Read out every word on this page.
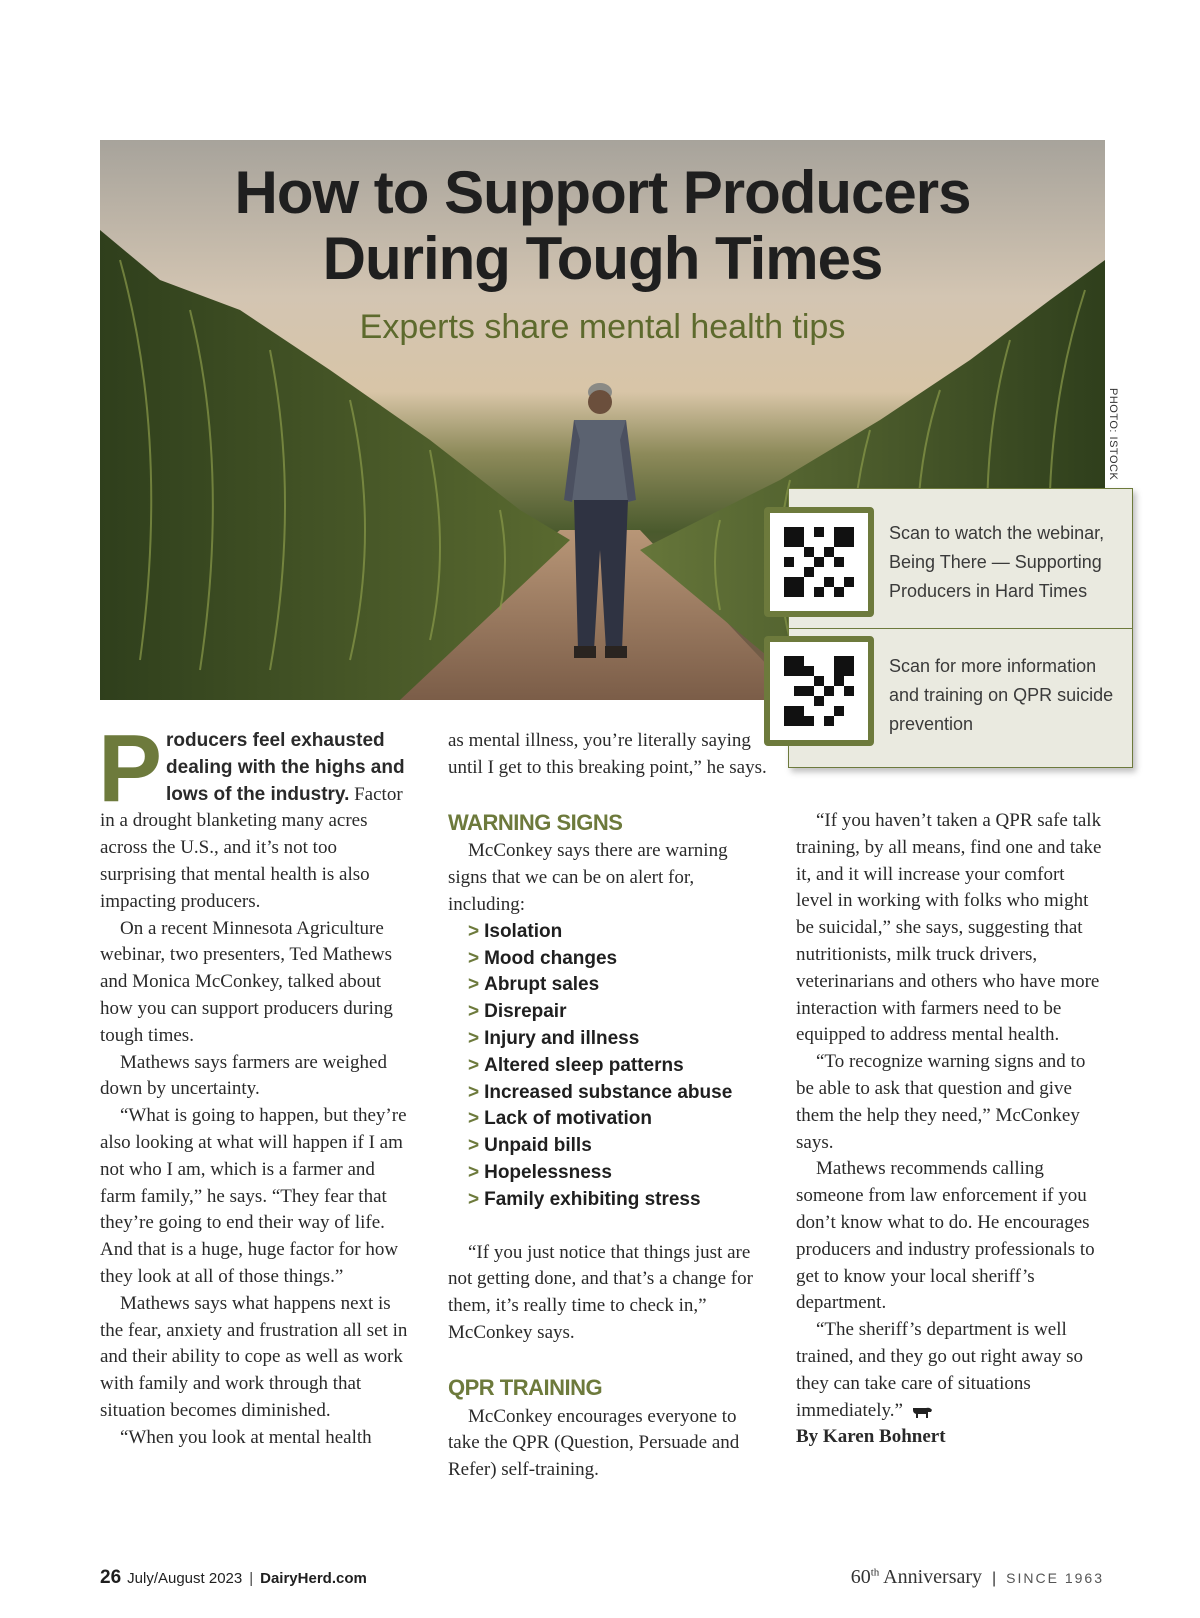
How to Support Producers
During Tough Times
Experts share mental health tips
PHOTO: ISTOCK
Scan to watch the webinar, Being There — Supporting Producers in Hard Times
Scan for more information and training on QPR suicide prevention

Producers feel exhausted dealing with the highs and lows of the industry. Factor in a drought blanketing many acres across the U.S., and it’s not too surprising that mental health is also impacting producers.

On a recent Minnesota Agriculture webinar, two presenters, Ted Mathews and Monica McConkey, talked about how you can support producers during tough times.

Mathews says farmers are weighed down by uncertainty.

“What is going to happen, but they’re also looking at what will happen if I am not who I am, which is a farmer and farm family,” he says. “They fear that they’re going to end their way of life. And that is a huge, huge factor for how they look at all of those things.”

Mathews says what happens next is the fear, anxiety and frustration all set in and their ability to cope as well as work with family and work through that situation becomes diminished.

“When you look at mental health

as mental illness, you’re literally saying until I get to this breaking point,” he says.

WARNING SIGNS

McConkey says there are warning signs that we can be on alert for, including:

> Isolation
> Mood changes
> Abrupt sales
> Disrepair
> Injury and illness
> Altered sleep patterns
> Increased substance abuse
> Lack of motivation
> Unpaid bills
> Hopelessness
> Family exhibiting stress

“If you just notice that things just are not getting done, and that’s a change for them, it’s really time to check in,” McConkey says.

QPR TRAINING

McConkey encourages everyone to take the QPR (Question, Persuade and Refer) self-training.

“If you haven’t taken a QPR safe talk training, by all means, find one and take it, and it will increase your comfort level in working with folks who might be suicidal,” she says, suggesting that nutritionists, milk truck drivers, veterinarians and others who have more interaction with farmers need to be equipped to address mental health.

“To recognize warning signs and to be able to ask that question and give them the help they need,” McConkey says.

Mathews recommends calling someone from law enforcement if you don’t know what to do. He encourages producers and industry professionals to get to know your local sheriff’s department.

“The sheriff’s department is well trained, and they go out right away so they can take care of situations immediately.”

By Karen Bohnert

26 July/August 2023 | DairyHerd.com	60th Anniversary | SINCE 1963
